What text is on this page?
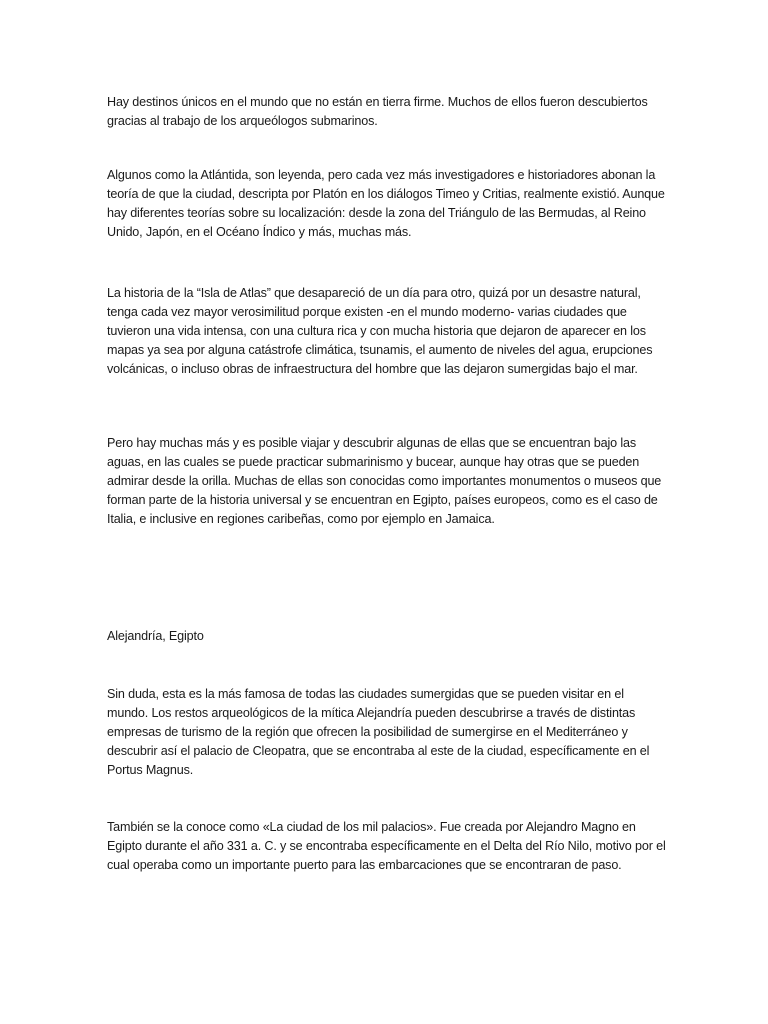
Hay destinos únicos en el mundo que no están en tierra firme. Muchos de ellos fueron descubiertos gracias al trabajo de los arqueólogos submarinos.

Algunos como la Atlántida, son leyenda, pero cada vez más investigadores e historiadores abonan la teoría de que la ciudad, descripta por Platón en los diálogos Timeo y Critias, realmente existió. Aunque hay diferentes teorías sobre su localización: desde la zona del Triángulo de las Bermudas, al Reino Unido, Japón, en el Océano Índico y más, muchas más.

La historia de la “Isla de Atlas” que desapareció de un día para otro, quizá por un desastre natural, tenga cada vez mayor verosimilitud porque existen -en el mundo moderno- varias ciudades que tuvieron una vida intensa, con una cultura rica y con mucha historia que dejaron de aparecer en los mapas ya sea por alguna catástrofe climática, tsunamis, el aumento de niveles del agua, erupciones volcánicas, o incluso obras de infraestructura del hombre que las dejaron sumergidas bajo el mar.

Pero hay muchas más y es posible viajar y descubrir algunas de ellas que se encuentran bajo las aguas, en las cuales se puede practicar submarinismo y bucear, aunque hay otras que se pueden admirar desde la orilla. Muchas de ellas son conocidas como importantes monumentos o museos que forman parte de la historia universal y se encuentran en Egipto, países europeos, como es el caso de Italia, e inclusive en regiones caribeñas, como por ejemplo en Jamaica.

Alejandría, Egipto

Sin duda, esta es la más famosa de todas las ciudades sumergidas que se pueden visitar en el mundo. Los restos arqueológicos de la mítica Alejandría pueden descubrirse a través de distintas empresas de turismo de la región que ofrecen la posibilidad de sumergirse en el Mediterráneo y descubrir así el palacio de Cleopatra, que se encontraba al este de la ciudad, específicamente en el Portus Magnus.

También se la conoce como «La ciudad de los mil palacios». Fue creada por Alejandro Magno en Egipto durante el año 331 a. C. y se encontraba específicamente en el Delta del Río Nilo, motivo por el cual operaba como un importante puerto para las embarcaciones que se encontraran de paso.
